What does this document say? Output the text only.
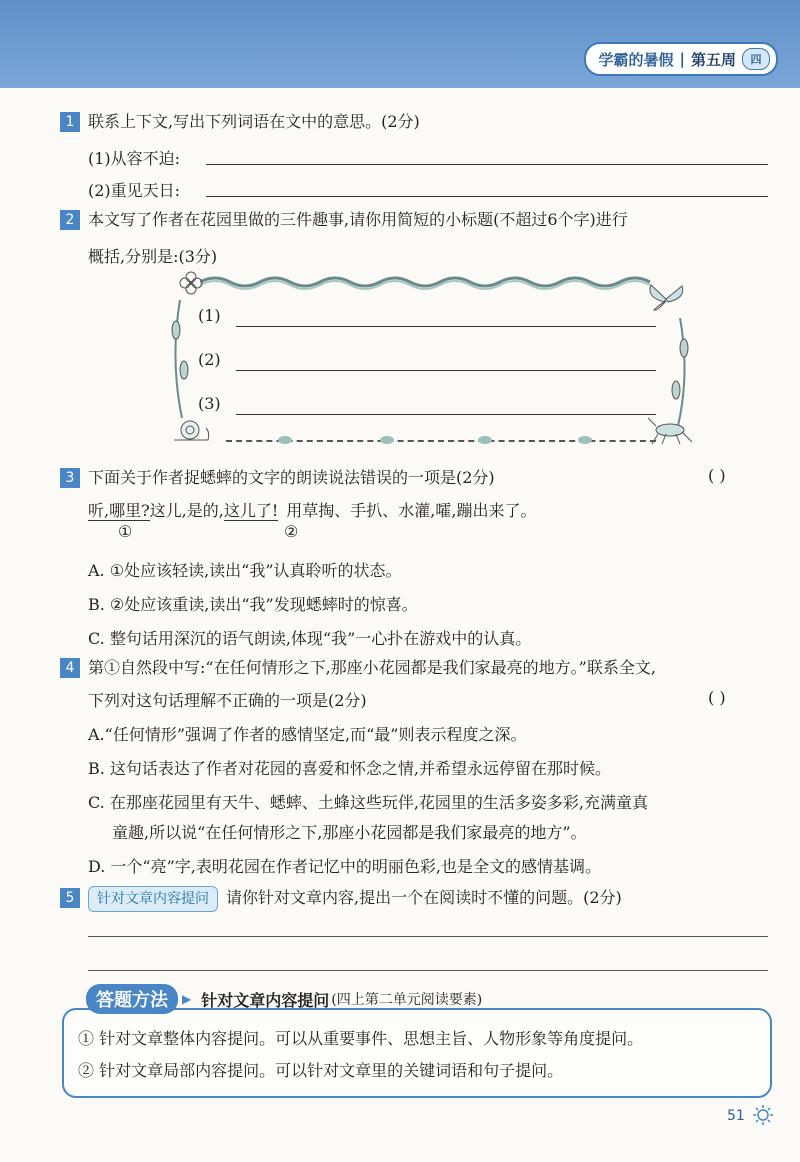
学霸的暑假 | 第五周	四
1 联系上下文,写出下列词语在文中的意思。(2分)
(1)从容不迫:
(2)重见天日:
2 本文写了作者在花园里做的三件趣事,请你用简短的小标题(不超过6个字)进行
概括,分别是:(3分)
(1)
(2)
(3)
3 下面关于作者捉蟋蟀的文字的朗读说法错误的一项是(2分)	( )
听,哪里?这儿,是的,这儿了! 用草掏、手扒、水灌,嚯,蹦出来了。
①	②
A. ①处应该轻读,读出“我”认真聆听的状态。
B. ②处应该重读,读出“我”发现蟋蟀时的惊喜。
C. 整句话用深沉的语气朗读,体现“我”一心扑在游戏中的认真。
4 第①自然段中写:“在任何情形之下,那座小花园都是我们家最亮的地方。”联系全文,
下列对这句话理解不正确的一项是(2分)	( )
A.“任何情形”强调了作者的感情坚定,而“最”则表示程度之深。
B. 这句话表达了作者对花园的喜爱和怀念之情,并希望永远停留在那时候。
C. 在那座花园里有天牛、蟋蟀、土蜂这些玩伴,花园里的生活多姿多彩,充满童真
童趣,所以说“在任何情形之下,那座小花园都是我们家最亮的地方”。
D. 一个“亮”字,表明花园在作者记忆中的明丽色彩,也是全文的感情基调。
5 针对文章内容提问 请你针对文章内容,提出一个在阅读时不懂的问题。(2分)
答题方法	▶ 针对文章内容提问 (四上第二单元阅读要素)
① 针对文章整体内容提问。可以从重要事件、思想主旨、人物形象等角度提问。
② 针对文章局部内容提问。可以针对文章里的关键词语和句子提问。
51
